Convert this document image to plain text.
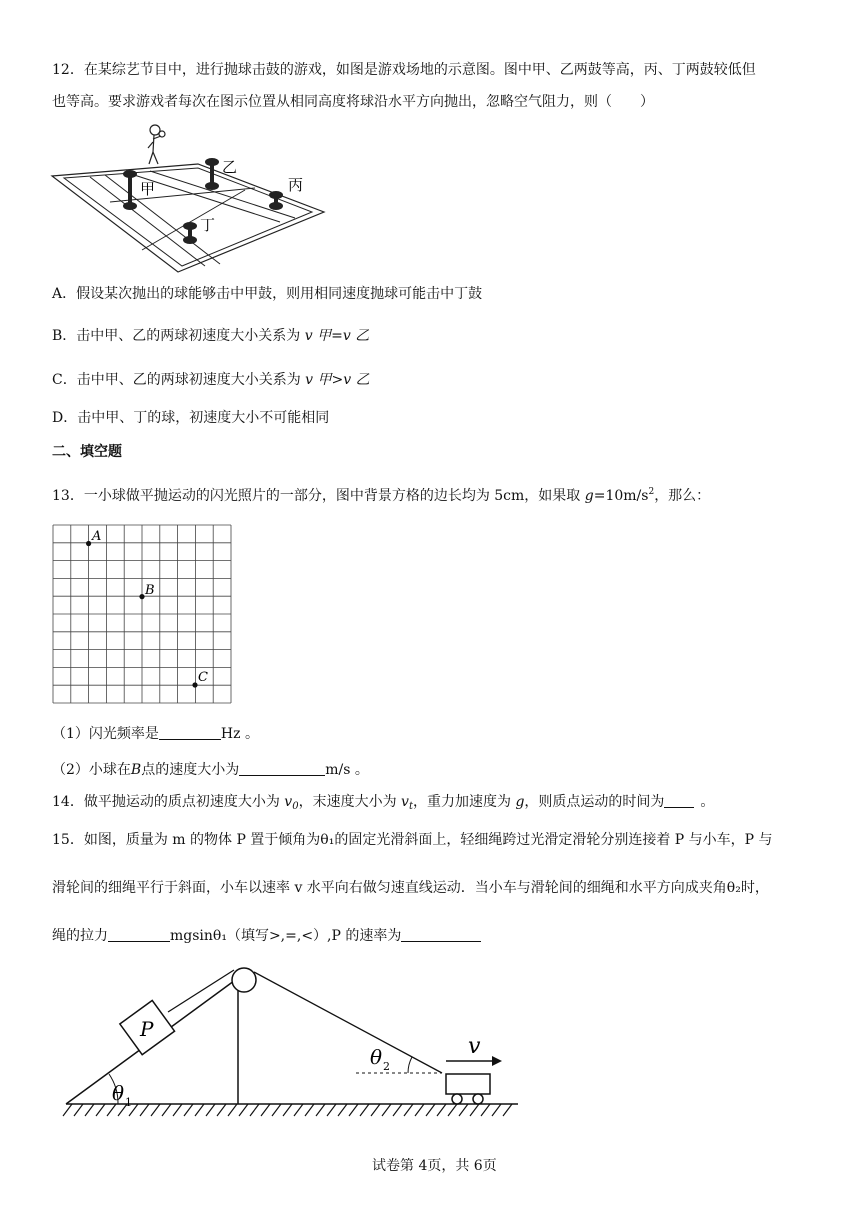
12．在某综艺节目中，进行抛球击鼓的游戏，如图是游戏场地的示意图。图中甲、乙两鼓等高，丙、丁两鼓较低但
也等高。要求游戏者每次在图示位置从相同高度将球沿水平方向抛出，忽略空气阻力，则（　　）
甲
乙
丙
丁
A．假设某次抛出的球能够击中甲鼓，则用相同速度抛球可能击中丁鼓
B．击中甲、乙的两球初速度大小关系为 v 甲=v 乙
C．击中甲、乙的两球初速度大小关系为 v 甲>v 乙
D．击中甲、丁的球，初速度大小不可能相同
二、填空题
13．一小球做平抛运动的闪光照片的一部分，图中背景方格的边长均为 5cm，如果取 $g=10m/s^2$，那么：
A
B
C
（1）闪光频率是	Hz 。
（2）小球在B点的速度大小为	m/s 。
14．做平抛运动的质点初速度大小为 $v_0$，末速度大小为 $v_t$，重力加速度为 g，则质点运动的时间为	。
15．如图，质量为 m 的物体 P 置于倾角为θ₁的固定光滑斜面上，轻细绳跨过光滑定滑轮分别连接着 P 与小车，P 与
滑轮间的细绳平行于斜面，小车以速率 v 水平向右做匀速直线运动．当小车与滑轮间的细绳和水平方向成夹角θ₂时，
绳的拉力	mgsinθ₁（填写>,=,<）,P 的速率为
P
θ 1
θ 2
v
试卷第 4页，共 6页
